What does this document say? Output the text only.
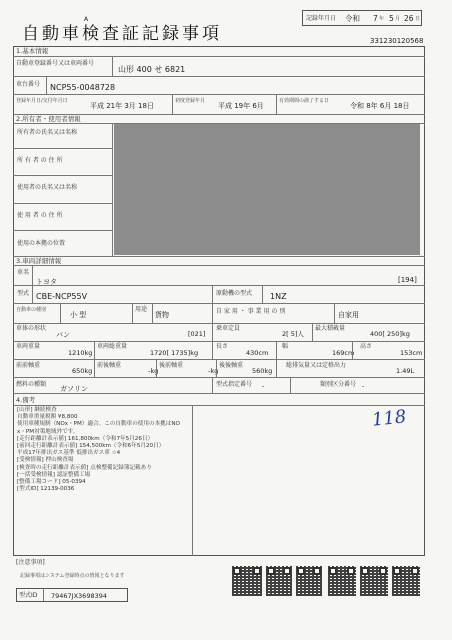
A
自動車検査証記録事項
記録年月日 令和 7 年 5 月 26 日
331230120568
1.基本情報
自動車登録番号又は車両番号
山形 400 せ 6821
車台番号 NCP55-0048728
登録年月日/交付年月日
平成 21年 3月 18日
初度登録年月
平成 19年 6月
有効期間の満了する日
令和 8年 6月 18日
2.所有者・使用者情報
所有者の氏名又は名称
所 有 者 の 住 所
使用者の氏名又は名称
使 用 者 の 住 所
使用の本拠の位置
3.車両詳細情報
車名
トヨタ	[194]
型式 CBE-NCP55V	原動機の型式 1NZ
自動車の種別
小 型
用途
貨物	自 家 用 ・ 事 業 用 の 別	自家用
車体の形状
バン	[021]
乗車定員
2[ 5]人
最大積載量
400[ 250]kg
車両重量
1210kg
車両総重量
1720[ 1735]kg
長さ
430cm
幅
169cm
高さ
153cm
前前軸重
650kg
前後軸重
-kg
後前軸重
-kg
後後軸重
560kg
総排気量又は定格出力
1.49L
燃料の種類
ガソリン
型式指定番号 -	類別区分番号 -
4.備考
[山形] 継続検査
自動車重量税額 ¥8,800
使用車種規制（NOx・PM）適合。この自動車の使用の本拠はNO
x・PM対策地域外です。
[走行距離計表示値] 161,800km（令和7年5月26日）
[前回走行距離計表示値] 154,500km（令和6年5月20日）
平成17年排出ガス基準 低排出ガス車 ☆4
[受検情報] 押山検査場
[検査時の走行距離計表示値] 点検整備記録簿記載あり
[一括受検情報] 認証整備工場
[整備工場コード] 05-0394
[型式ID] 12139-0036
118
[注意事項]
記録事項はシステム登録時点の情報となります
型式ID 79467JX3698394
